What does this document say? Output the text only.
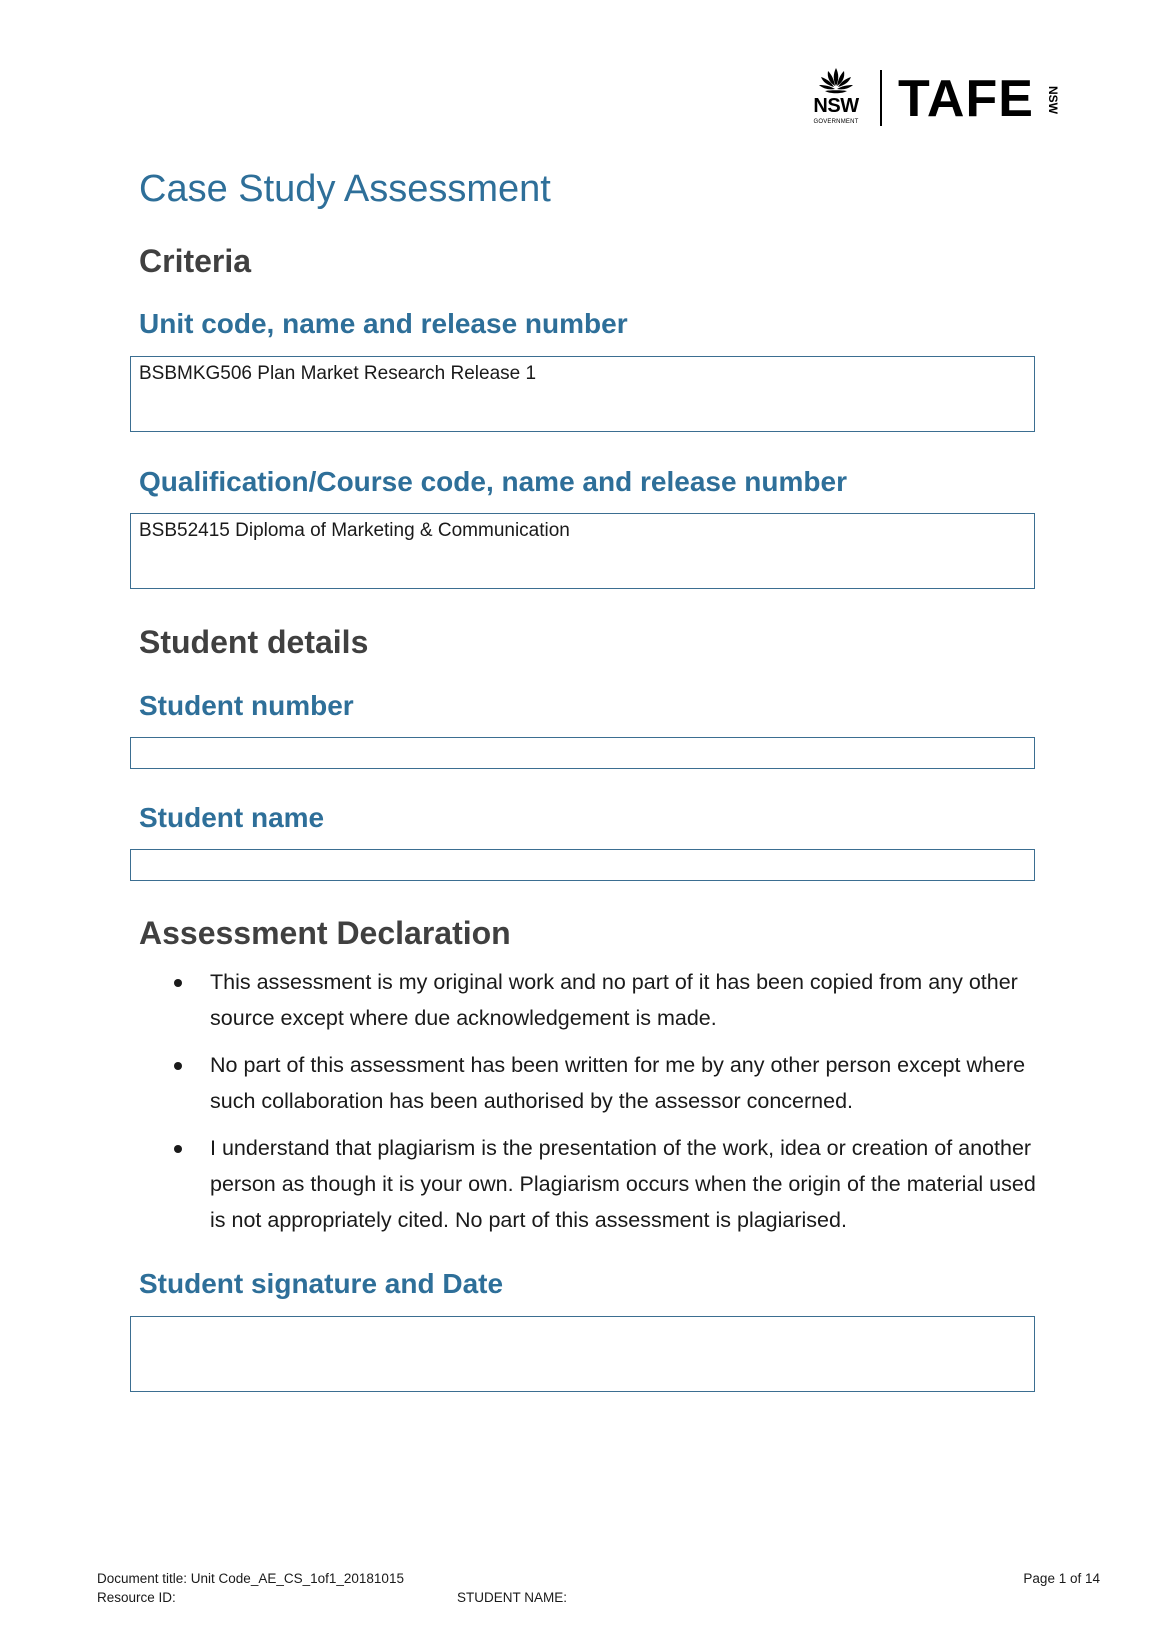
NSW
GOVERNMENT TAFE NSW
Case Study Assessment
Criteria
Unit code, name and release number
BSBMKG506 Plan Market Research Release 1
Qualification/Course code, name and release number
BSB52415 Diploma of Marketing & Communication
Student details
Student number
Student name
Assessment Declaration
This assessment is my original work and no part of it has been copied from any other source except where due acknowledgement is made.
No part of this assessment has been written for me by any other person except where such collaboration has been authorised by the assessor concerned.
I understand that plagiarism is the presentation of the work, idea or creation of another person as though it is your own. Plagiarism occurs when the origin of the material used is not appropriately cited. No part of this assessment is plagiarised.
Student signature and Date
Document title: Unit Code_AE_CS_1of1_20181015
Resource ID:	STUDENT NAME:
Page 1 of 14
